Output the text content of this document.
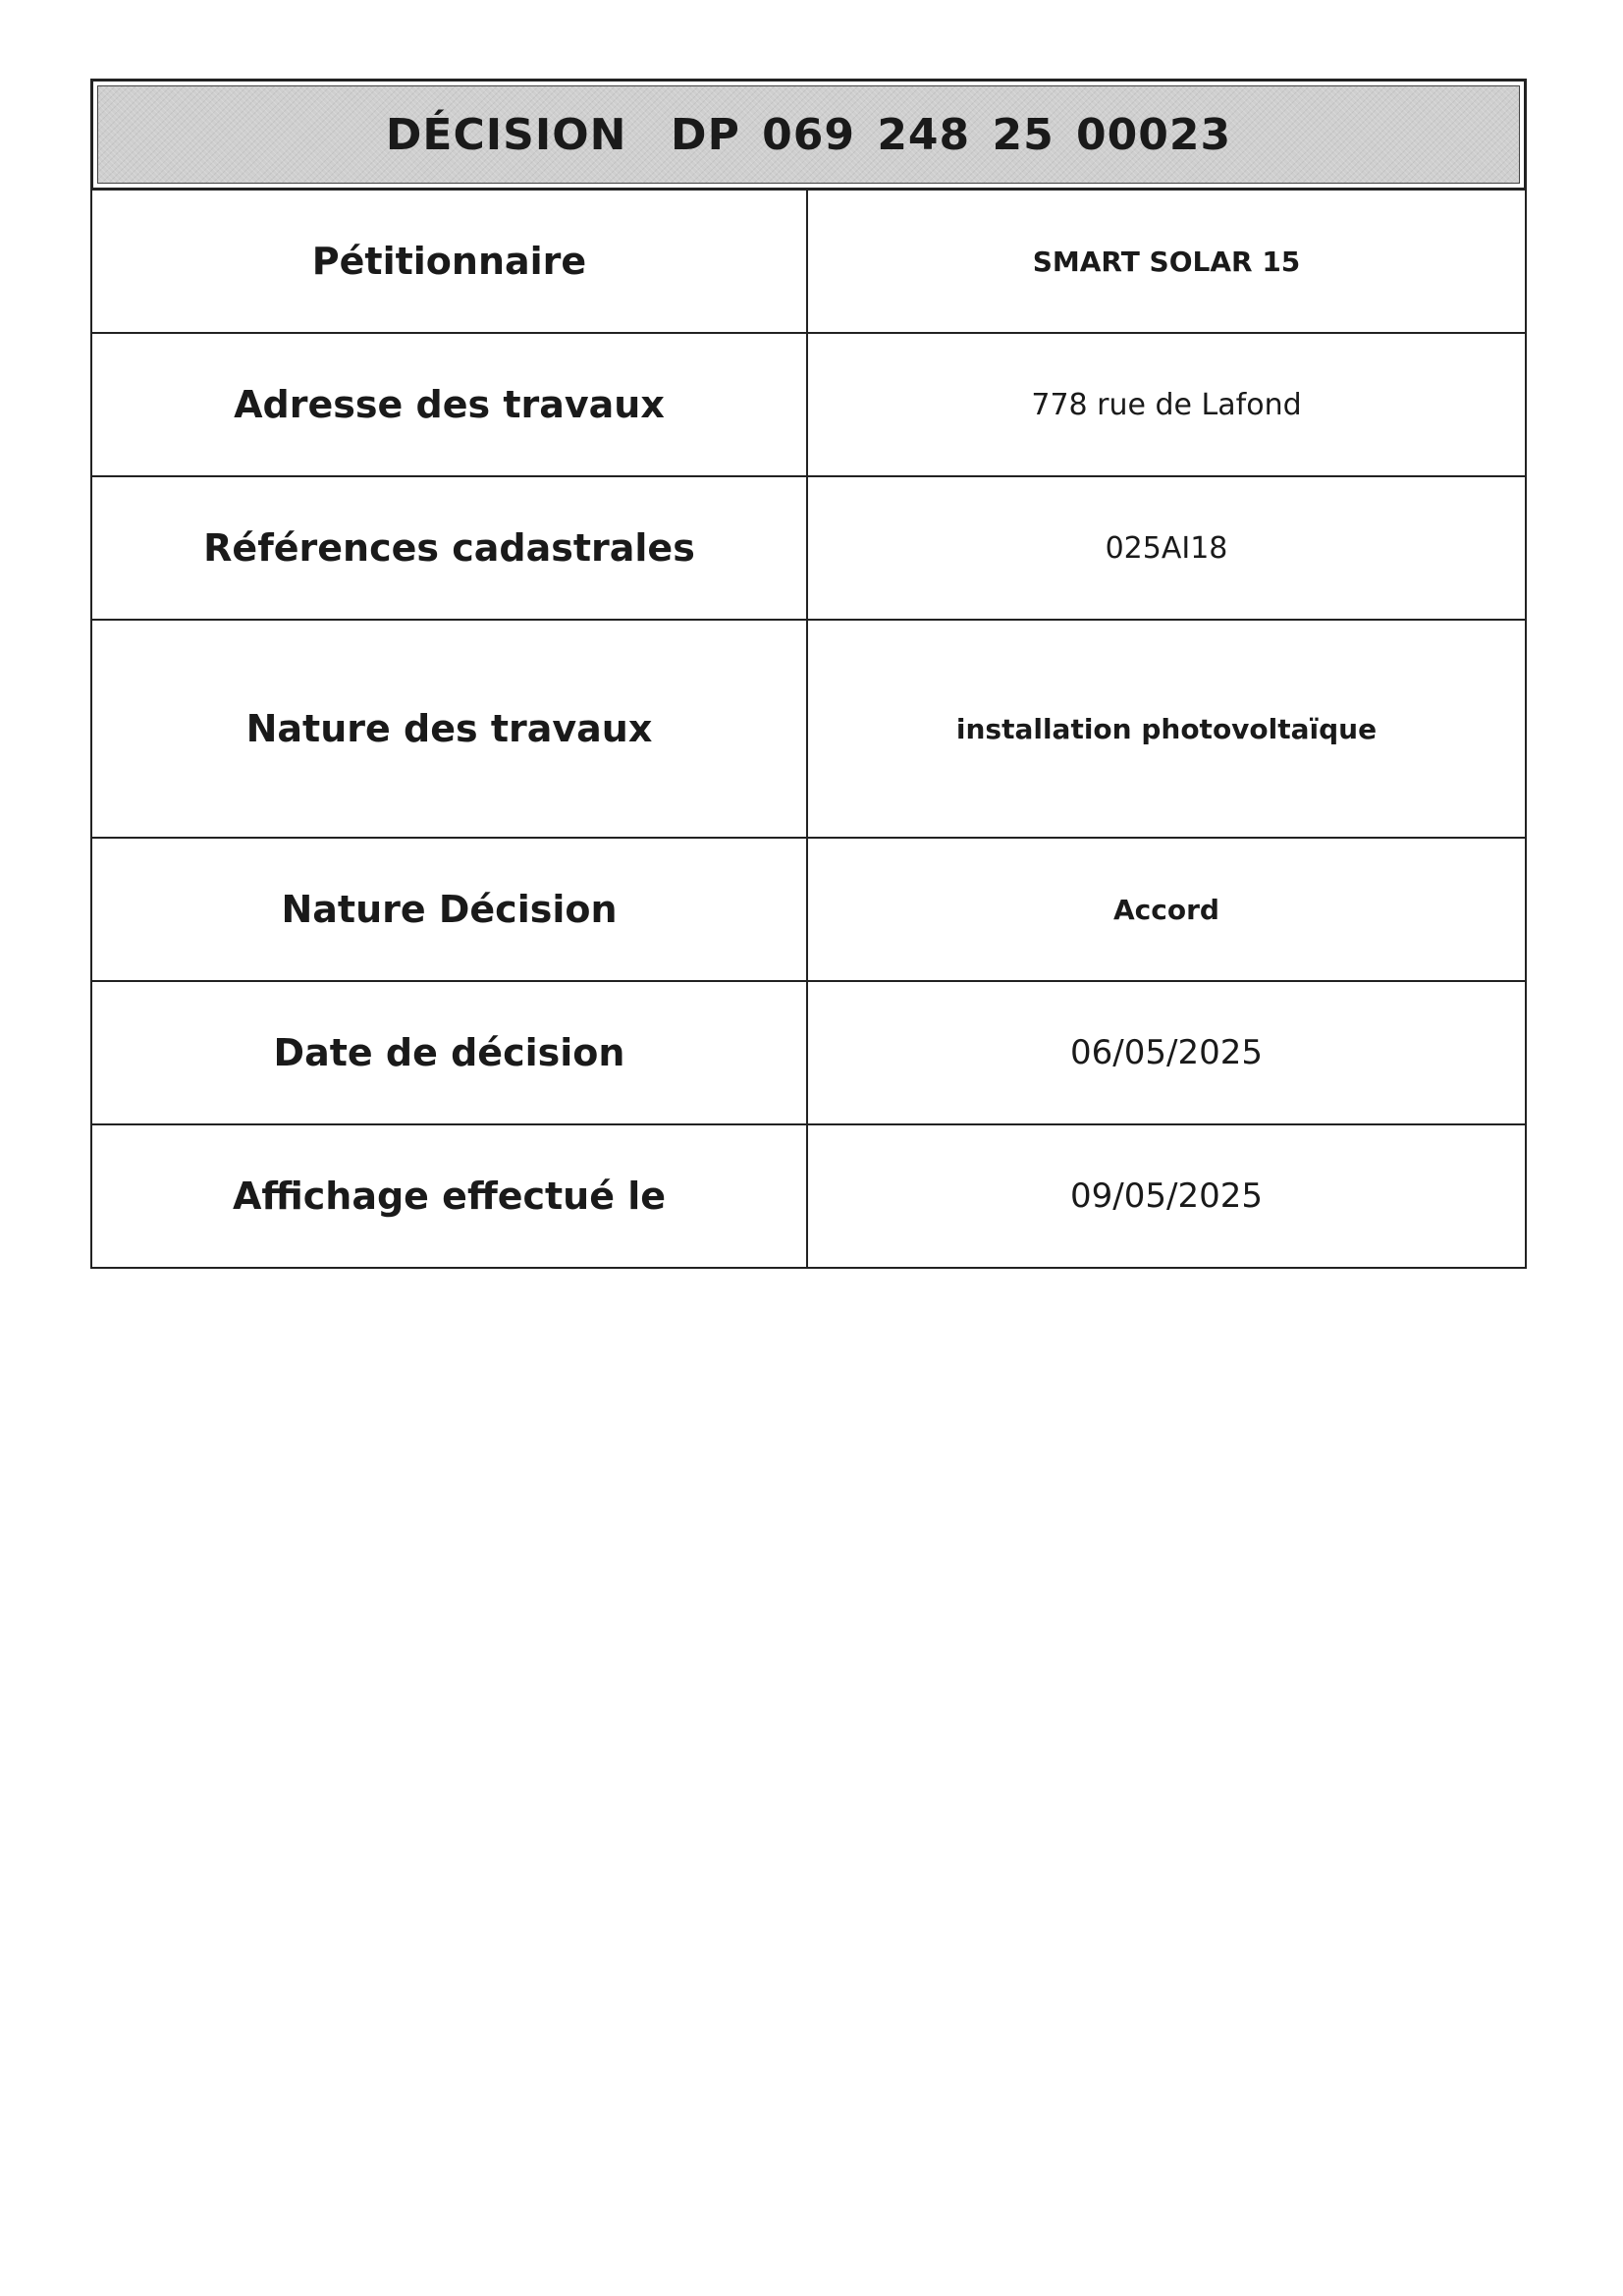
DÉCISION  DP 069 248 25 00023
Pétitionnaire	SMART SOLAR 15
Adresse des travaux	778 rue de Lafond
Références cadastrales	025AI18
Nature des travaux	installation photovoltaïque
Nature Décision	Accord
Date de décision	06/05/2025
Affichage effectué le	09/05/2025
